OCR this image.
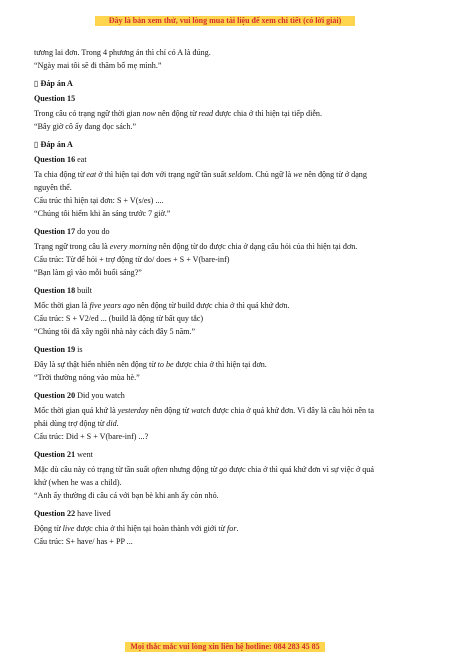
Đây là bản xem thử, vui lòng mua tài liệu để xem chi tiết (có lời giải)

tương lai đơn. Trong 4 phương án thì chỉ có A là đúng.

“Ngày mai tôi sẽ đi thăm bố mẹ mình.”

▯ Đáp án A

Question 15

Trong câu có trạng ngữ thời gian now nên động từ read được chia ở thì hiện tại tiếp diễn.

“Bây giờ cô ấy đang đọc sách.”

▯ Đáp án A

Question 16 eat

Ta chia động từ eat ở thì hiện tại đơn với trạng ngữ tần suất seldom. Chủ ngữ là we nên động từ ở dạng

nguyên thể.

Cấu trúc thì hiện tại đơn: S + V(s/es) ....

“Chúng tôi hiếm khi ăn sáng trước 7 giờ.”

Question 17 do you do

Trạng ngữ trong câu là every morning nên động từ do được chia ở dạng câu hỏi của thì hiện tại đơn.

Cấu trúc: Từ để hỏi + trợ động từ do/ does + S + V(bare-inf)

“Bạn làm gì vào mỗi buổi sáng?”

Question 18 built

Mốc thời gian là five years ago nên động từ build được chia ở thì quá khứ đơn.

Cấu trúc: S + V2/ed ... (build là động từ bất quy tắc)

“Chúng tôi đã xây ngôi nhà này cách đây 5 năm.”

Question 19 is

Đây là sự thật hiển nhiên nên động từ to be được chia ở thì hiện tại đơn.

“Trời thường nóng vào mùa hè.”

Question 20 Did you watch

Mốc thời gian quá khứ là yesterday nên động từ watch được chia ở quá khứ đơn. Vì đây là câu hỏi nên ta

phải dùng trợ động từ did.

Cấu trúc: Did + S + V(bare-inf) ...?

Question 21 went

Mặc dù câu này có trạng từ tần suất often nhưng động từ go được chia ở thì quá khứ đơn vì sự việc ở quá

khứ (when he was a child).

“Anh ấy thường đi câu cá với bạn bè khi anh ấy còn nhỏ.

Question 22 have lived

Động từ live được chia ở thì hiện tại hoàn thành với giới từ for.

Cấu trúc: S+ have/ has + PP ...

Mọi thắc mắc vui lòng xin liên hệ hotline: 084 283 45 85
